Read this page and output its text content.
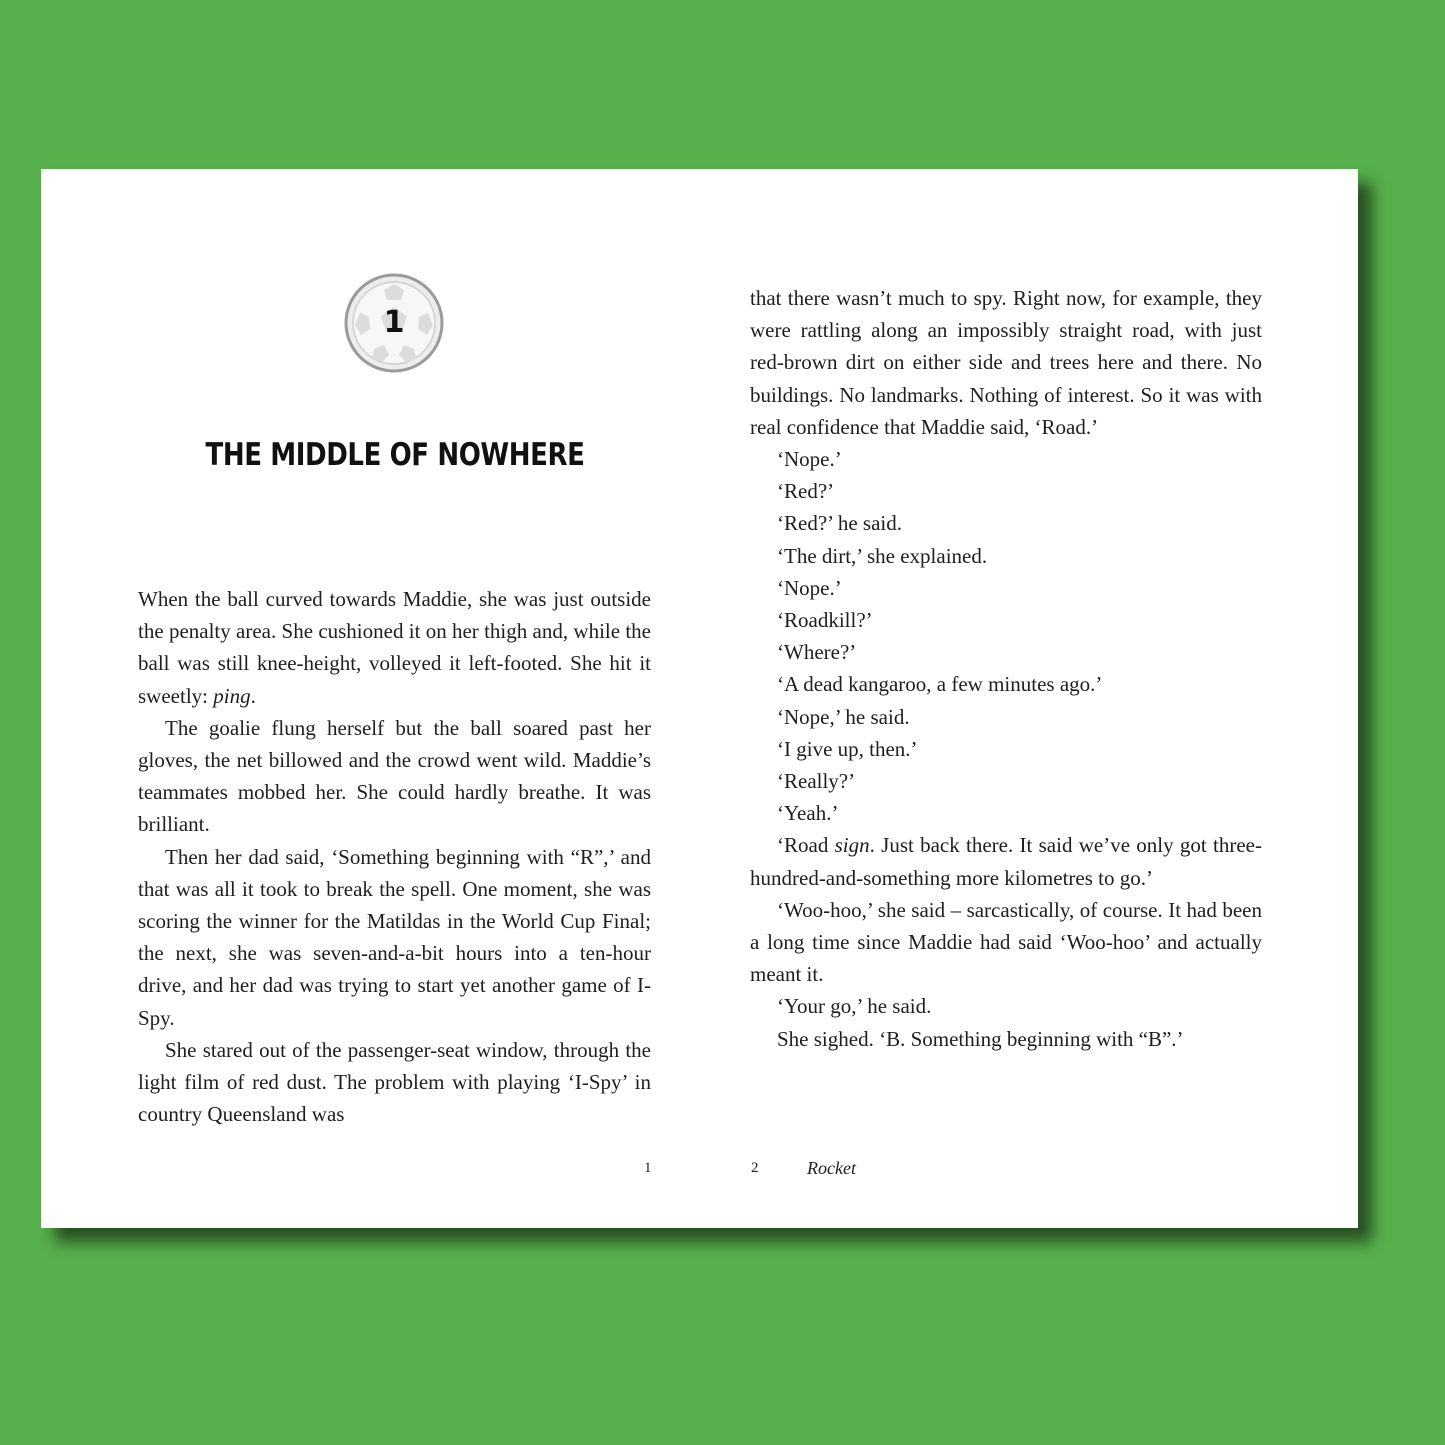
1
THE MIDDLE OF NOWHERE

When the ball curved towards Maddie, she was just outside the penalty area. She cushioned it on her thigh and, while the ball was still knee-height, volleyed it left-footed. She hit it sweetly: ping.

The goalie flung herself but the ball soared past her gloves, the net billowed and the crowd went wild. Maddie’s teammates mobbed her. She could hardly breathe. It was brilliant.

Then her dad said, ‘Something beginning with “R”,’ and that was all it took to break the spell. One moment, she was scoring the winner for the Matildas in the World Cup Final; the next, she was seven-and-a-bit hours into a ten-hour drive, and her dad was trying to start yet another game of I-Spy.

She stared out of the passenger-seat window, through the light film of red dust. The problem with playing ‘I-Spy’ in country Queensland was

1

that there wasn’t much to spy. Right now, for example, they were rattling along an impossibly straight road, with just red-brown dirt on either side and trees here and there. No buildings. No landmarks. Nothing of interest. So it was with real confidence that Maddie said, ‘Road.’

‘Nope.’

‘Red?’

‘Red?’ he said.

‘The dirt,’ she explained.

‘Nope.’

‘Roadkill?’

‘Where?’

‘A dead kangaroo, a few minutes ago.’

‘Nope,’ he said.

‘I give up, then.’

‘Really?’

‘Yeah.’

‘Road sign. Just back there. It said we’ve only got three-hundred-and-something more kilometres to go.’

‘Woo-hoo,’ she said – sarcastically, of course. It had been a long time since Maddie had said ‘Woo-hoo’ and actually meant it.

‘Your go,’ he said.

She sighed. ‘B. Something beginning with “B”.’

2	Rocket
